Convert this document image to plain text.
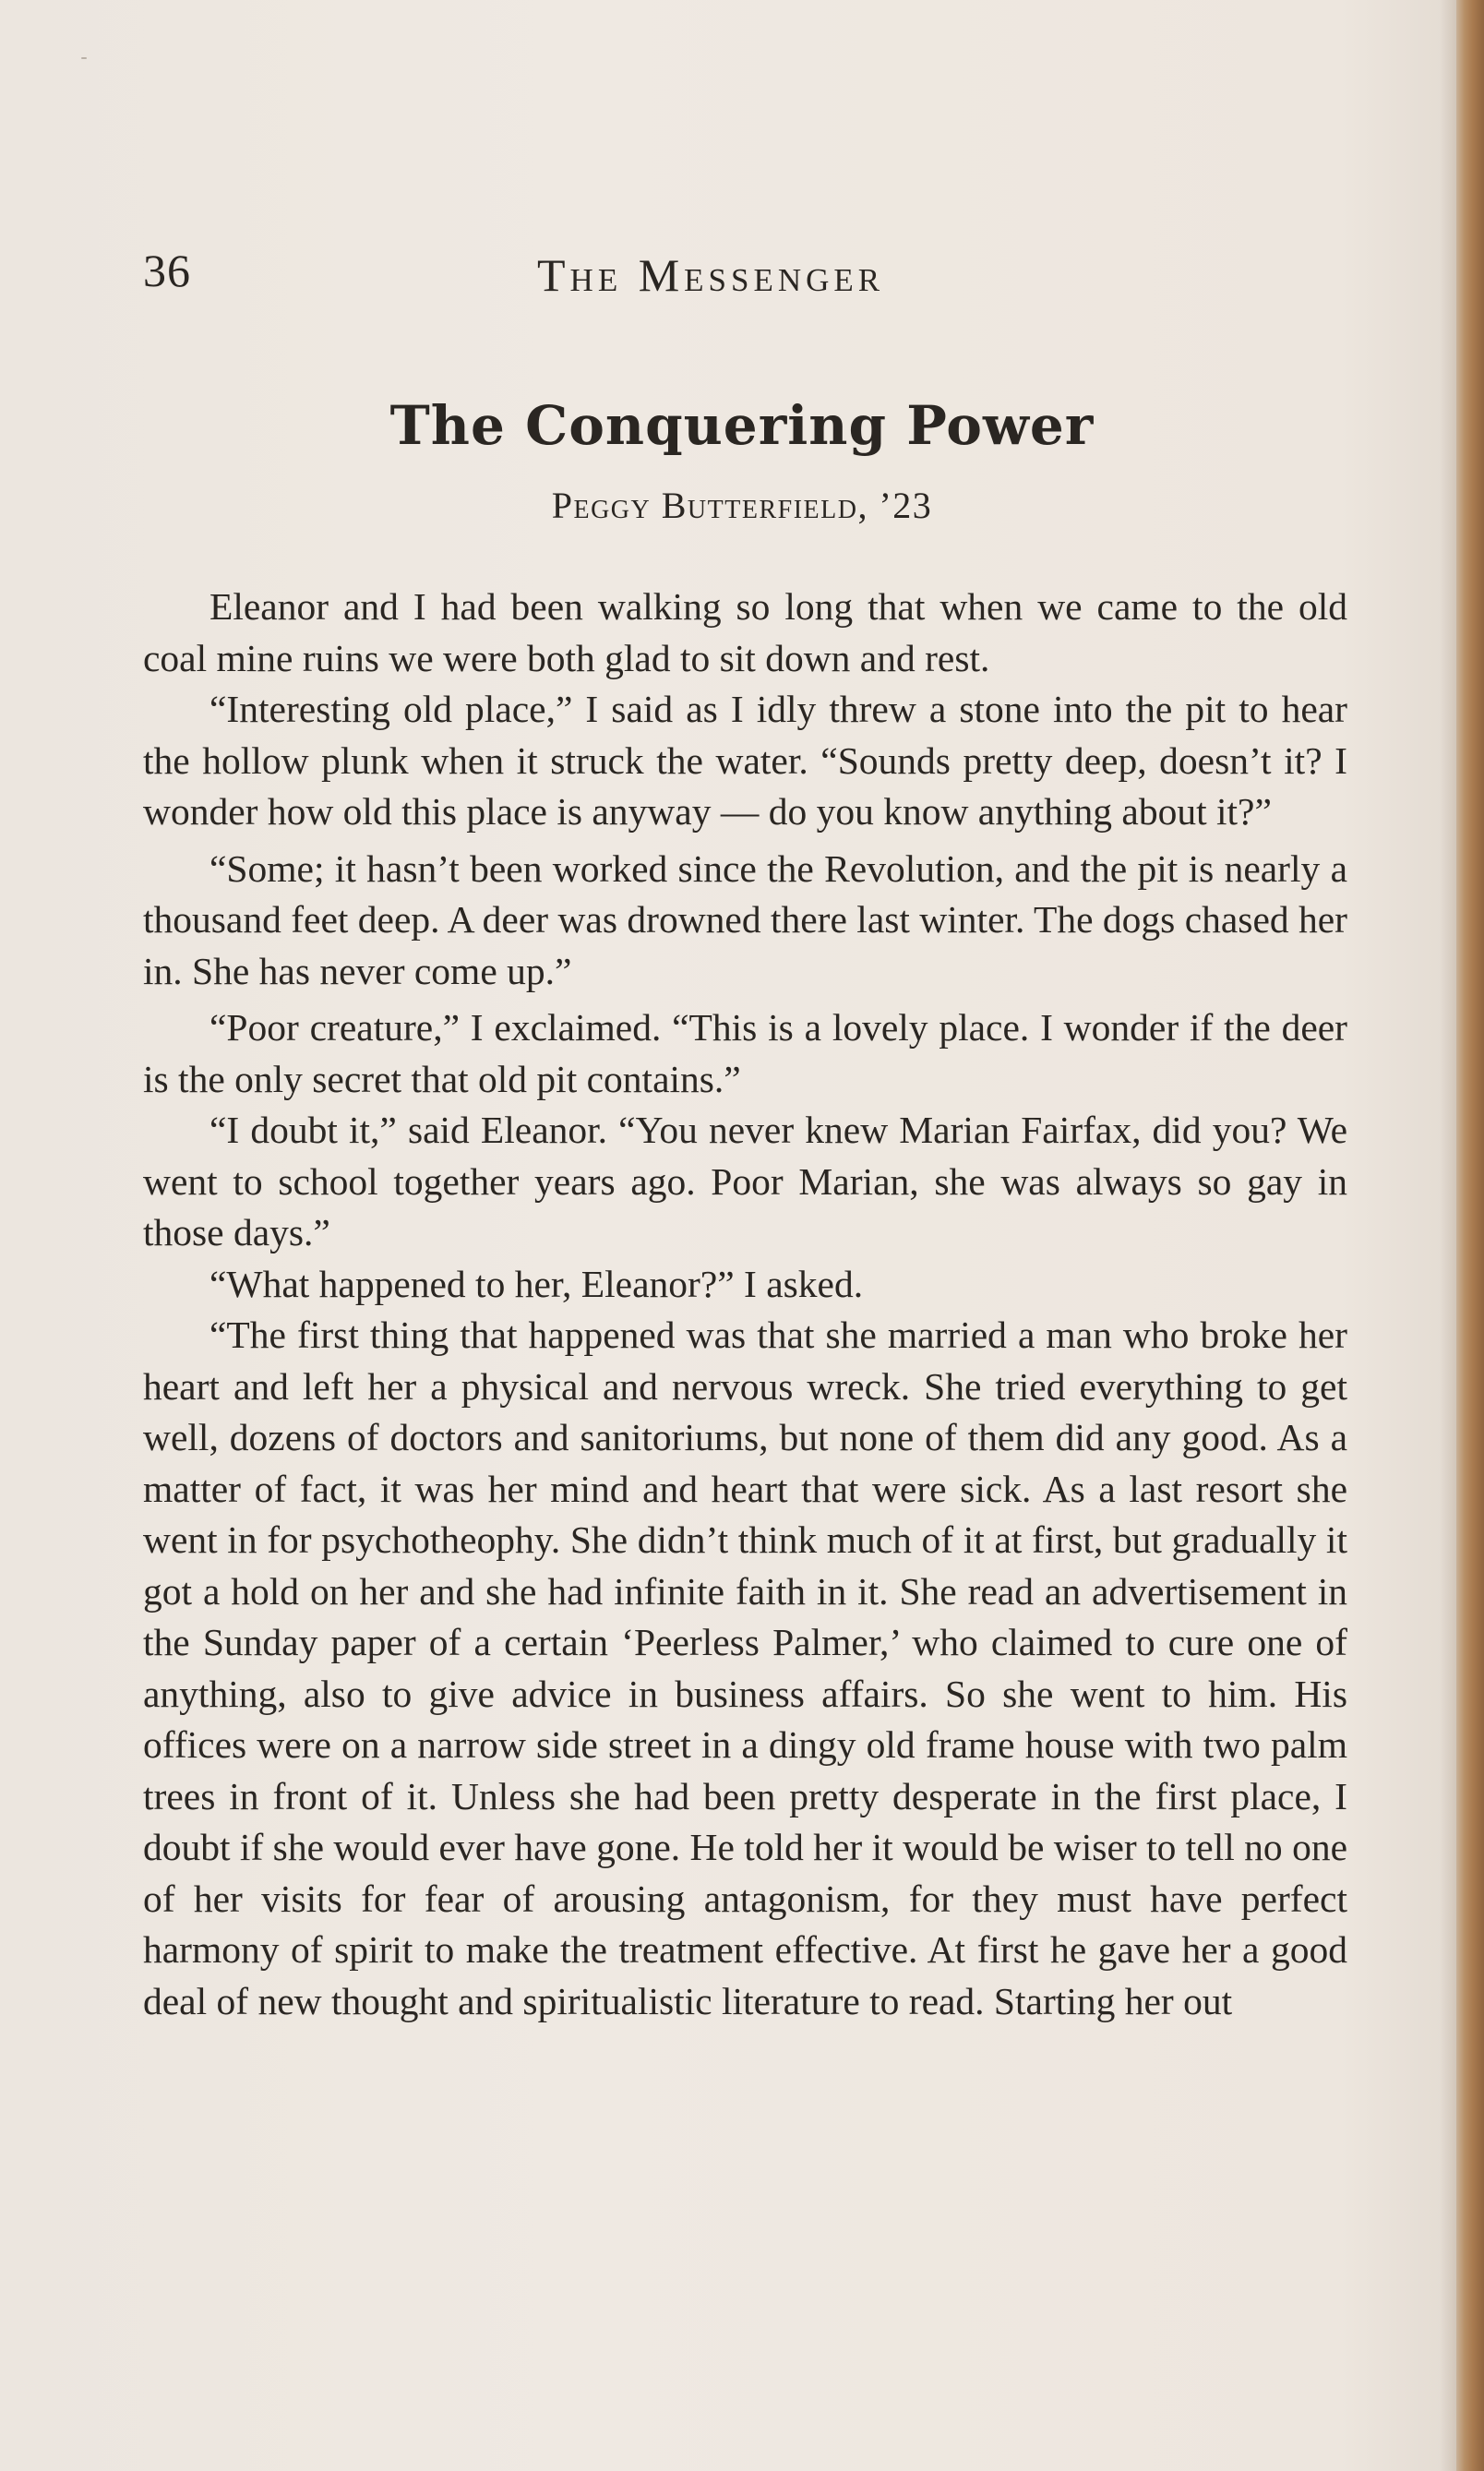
36	The Messenger
The Conquering Power
Peggy Butterfield, ’23

Eleanor and I had been walking so long that when we came to the old coal mine ruins we were both glad to sit down and rest.

“Interesting old place,” I said as I idly threw a stone into the pit to hear the hollow plunk when it struck the water. “Sounds pretty deep, doesn’t it? I wonder how old this place is anyway — do you know anything about it?”

“Some; it hasn’t been worked since the Revolution, and the pit is nearly a thousand feet deep. A deer was drowned there last winter. The dogs chased her in. She has never come up.”

“Poor creature,” I exclaimed. “This is a lovely place. I wonder if the deer is the only secret that old pit contains.”

“I doubt it,” said Eleanor. “You never knew Marian Fairfax, did you? We went to school together years ago. Poor Marian, she was always so gay in those days.”

“What happened to her, Eleanor?” I asked.

“The first thing that happened was that she married a man who broke her heart and left her a physical and nervous wreck. She tried everything to get well, dozens of doctors and sanitoriums, but none of them did any good. As a matter of fact, it was her mind and heart that were sick. As a last resort she went in for psychotheophy. She didn’t think much of it at first, but gradually it got a hold on her and she had infinite faith in it. She read an advertisement in the Sunday paper of a certain ‘Peerless Palmer,’ who claimed to cure one of anything, also to give advice in business affairs. So she went to him. His offices were on a narrow side street in a dingy old frame house with two palm trees in front of it. Unless she had been pretty desperate in the first place, I doubt if she would ever have gone. He told her it would be wiser to tell no one of her visits for fear of arousing antagonism, for they must have perfect harmony of spirit to make the treatment effective. At first he gave her a good deal of new thought and spiritualistic literature to read. Starting her out
